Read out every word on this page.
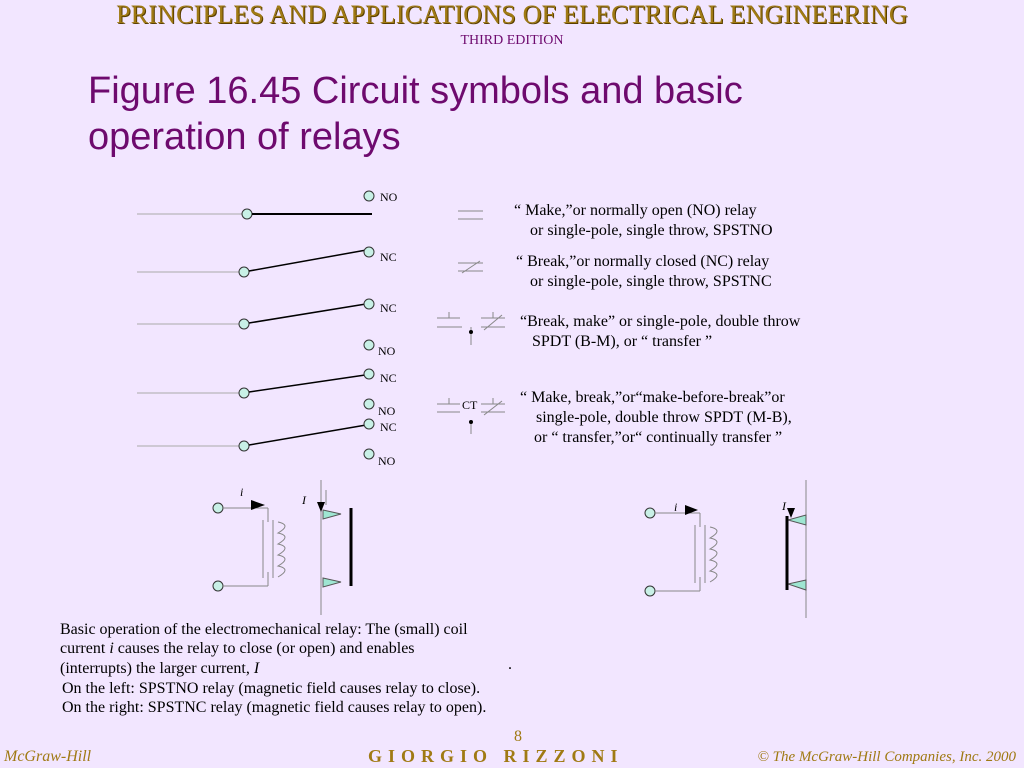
PRINCIPLES AND APPLICATIONS OF ELECTRICAL ENGINEERING
THIRD EDITION
Figure 16.45 Circuit symbols and basic operation of relays
NO
NC
NC
NO
NC
NO
NC
NO
CT
“ Make,”or normally open (NO) relay
or single-pole, single throw, SPSTNO
“ Break,”or normally closed (NC) relay
or single-pole, single throw, SPSTNC
“Break, make” or single-pole, double throw
SPDT (B-M), or “ transfer ”
“ Make, break,”or“make-before-break”or
single-pole, double throw SPDT (M-B),
or “ transfer,”or“ continually transfer ”
i
I	i	I
Basic operation of the electromechanical relay: The (small) coil
current i causes the relay to close (or open) and enables
(interrupts) the larger current, I	.
On the left: SPSTNO relay (magnetic field causes relay to close).
On the right: SPSTNC relay (magnetic field causes relay to open).
8
McGraw-Hill	GIORGIO RIZZONI	© The McGraw-Hill Companies, Inc. 2000
